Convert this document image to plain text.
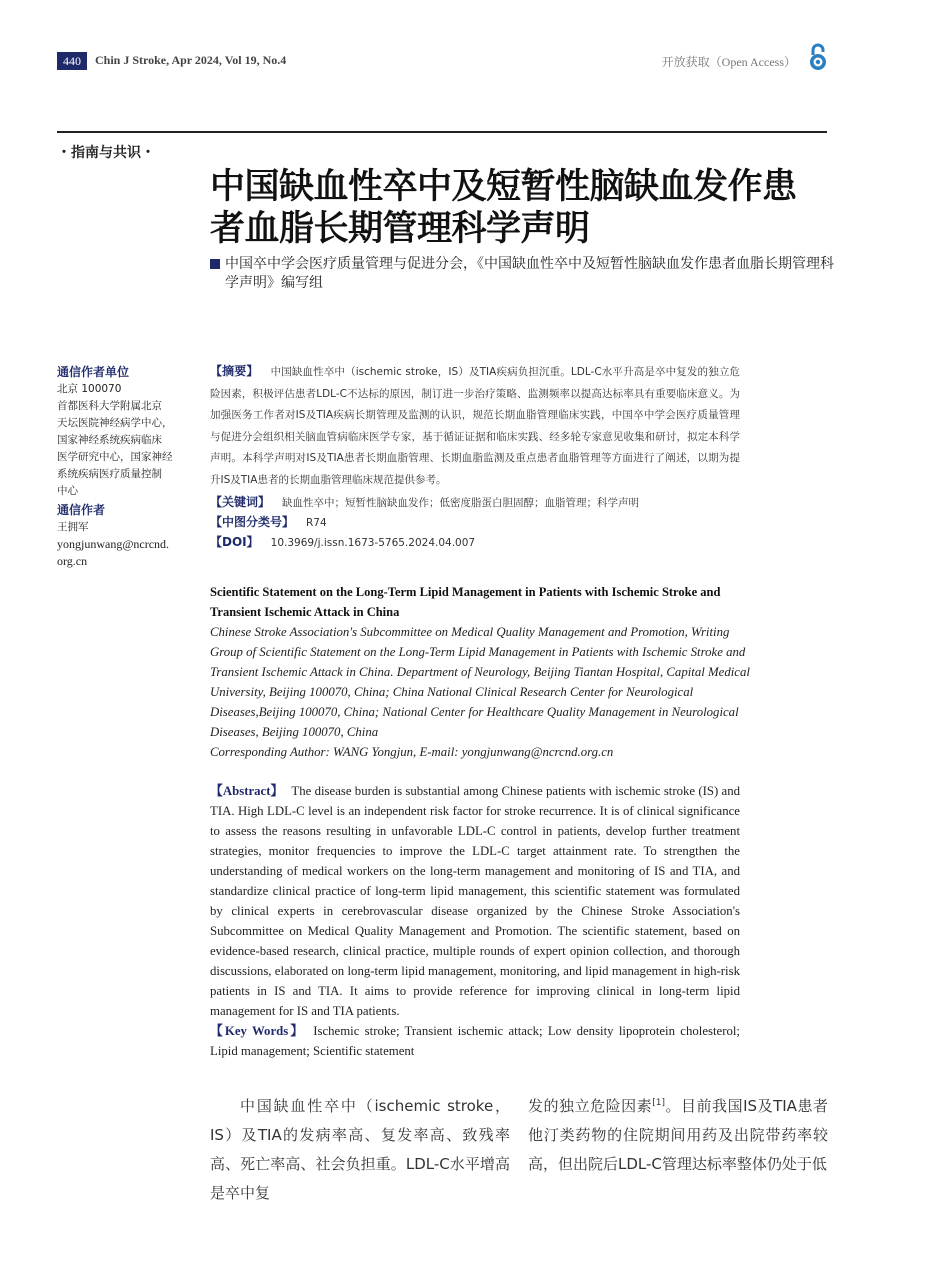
440	Chin J Stroke, Apr 2024, Vol 19, No.4	开放获取（Open Access）
・指南与共识・
中国缺血性卒中及短暂性脑缺血发作患者血脂长期管理科学声明
中国卒中学会医疗质量管理与促进分会，《中国缺血性卒中及短暂性脑缺血发作患者血脂长期管理科学声明》编写组
通信作者单位
北京 100070
首都医科大学附属北京
天坛医院神经病学中心，
国家神经系统疾病临床
医学研究中心，国家神经
系统疾病医疗质量控制
中心
通信作者
王拥军
yongjunwang@ncrcnd.
org.cn
【摘要】 中国缺血性卒中（ischemic stroke，IS）及TIA疾病负担沉重。LDL-C水平升高是卒中复发的独立危险因素，积极评估患者LDL-C不达标的原因，制订进一步治疗策略、监测频率以提高达标率具有重要临床意义。为加强医务工作者对IS及TIA疾病长期管理及监测的认识，规范长期血脂管理临床实践，中国卒中学会医疗质量管理与促进分会组织相关脑血管病临床医学专家，基于循证证据和临床实践、经多轮专家意见收集和研讨，拟定本科学声明。本科学声明对IS及TIA患者长期血脂管理、长期血脂监测及重点患者血脂管理等方面进行了阐述，以期为提升IS及TIA患者的长期血脂管理临床规范提供参考。
【关键词】 缺血性卒中；短暂性脑缺血发作；低密度脂蛋白胆固醇；血脂管理；科学声明
【中图分类号】 R74
【DOI】 10.3969/j.issn.1673-5765.2024.04.007
Scientific Statement on the Long-Term Lipid Management in Patients with Ischemic Stroke and Transient Ischemic Attack in China
Chinese Stroke Association's Subcommittee on Medical Quality Management and Promotion, Writing Group of Scientific Statement on the Long-Term Lipid Management in Patients with Ischemic Stroke and Transient Ischemic Attack in China. Department of Neurology, Beijing Tiantan Hospital, Capital Medical University, Beijing 100070, China; China National Clinical Research Center for Neurological Diseases,Beijing 100070, China; National Center for Healthcare Quality Management in Neurological Diseases, Beijing 100070, China
Corresponding Author: WANG Yongjun, E-mail: yongjunwang@ncrcnd.org.cn
【Abstract】 The disease burden is substantial among Chinese patients with ischemic stroke (IS) and TIA. High LDL-C level is an independent risk factor for stroke recurrence. It is of clinical significance to assess the reasons resulting in unfavorable LDL-C control in patients, develop further treatment strategies, monitor frequencies to improve the LDL-C target attainment rate. To strengthen the understanding of medical workers on the long-term management and monitoring of IS and TIA, and standardize clinical practice of long-term lipid management, this scientific statement was formulated by clinical experts in cerebrovascular disease organized by the Chinese Stroke Association's Subcommittee on Medical Quality Management and Promotion. The scientific statement, based on evidence-based research, clinical practice, multiple rounds of expert opinion collection, and thorough discussions, elaborated on long-term lipid management, monitoring, and lipid management in high-risk patients in IS and TIA. It aims to provide reference for improving clinical in long-term lipid management for IS and TIA patients.
【Key Words】 Ischemic stroke; Transient ischemic attack; Low density lipoprotein cholesterol; Lipid management; Scientific statement
中国缺血性卒中（ischemic stroke，IS）及TIA的发病率高、复发率高、致残率高、死亡率高、社会负担重。LDL-C水平增高是卒中复
发的独立危险因素[1]。目前我国IS及TIA患者他汀类药物的住院期间用药及出院带药率较高，但出院后LDL-C管理达标率整体仍处于低
